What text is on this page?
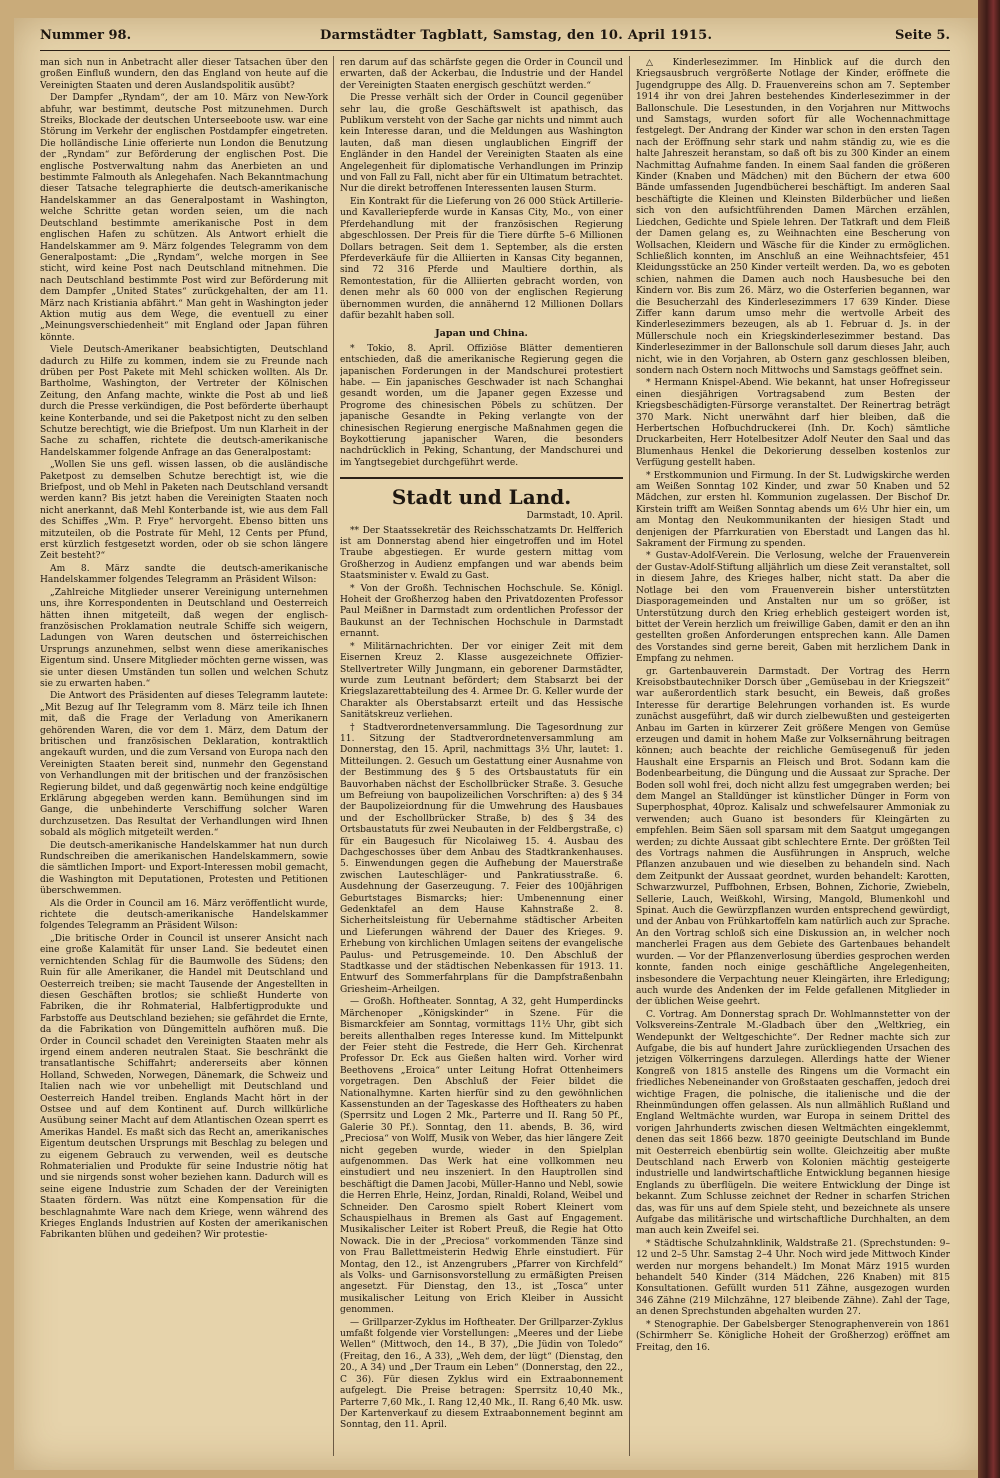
Nummer 98.	Darmstädter Tagblatt, Samstag, den 10. April 1915.	Seite 5.

man sich nun in Anbetracht aller dieser Tatsachen über den großen Einfluß wundern, den das England von heute auf die Vereinigten Staaten und deren Auslandspolitik ausübt?

Der Dampfer „Ryndam“, der am 10. März von New-York abfuhr, war bestimmt, deutsche Post mitzunehmen. Durch Streiks, Blockade der deutschen Unterseeboote usw. war eine Störung im Verkehr der englischen Postdampfer eingetreten. Die holländische Linie offerierte nun London die Benutzung der „Ryndam“ zur Beförderung der englischen Post. Die englische Postverwaltung nahm das Anerbieten an und bestimmte Falmouth als Anlegehafen. Nach Bekanntmachung dieser Tatsache telegraphierte die deutsch-amerikanische Handelskammer an das Generalpostamt in Washington, welche Schritte getan worden seien, um die nach Deutschland bestimmte amerikanische Post in dem englischen Hafen zu schützen. Als Antwort erhielt die Handelskammer am 9. März folgendes Telegramm von dem Generalpostamt: „Die „Ryndam“, welche morgen in See sticht, wird keine Post nach Deutschland mitnehmen. Die nach Deutschland bestimmte Post wird zur Beförderung mit dem Dampfer „United States“ zurückgehalten, der am 11. März nach Kristiania abfährt.“ Man geht in Washington jeder Aktion mutig aus dem Wege, die eventuell zu einer „Meinungsverschiedenheit“ mit England oder Japan führen könnte.

Viele Deutsch-Amerikaner beabsichtigten, Deutschland dadurch zu Hilfe zu kommen, indem sie zu Freunde nach drüben per Post Pakete mit Mehl schicken wollten. Als Dr. Bartholme, Washington, der Vertreter der Kölnischen Zeitung, den Anfang machte, winkte die Post ab und ließ durch die Presse verkündigen, die Post beförderte überhaupt keine Konterbande, und sei die Paketpost nicht zu den selben Schutze berechtigt, wie die Briefpost. Um nun Klarheit in der Sache zu schaffen, richtete die deutsch-amerikanische Handelskammer folgende Anfrage an das Generalpostamt:

„Wollen Sie uns gefl. wissen lassen, ob die ausländische Paketpost zu demselben Schutze berechtigt ist, wie die Briefpost, und ob Mehl in Paketen nach Deutschland versandt werden kann? Bis jetzt haben die Vereinigten Staaten noch nicht anerkannt, daß Mehl Konterbande ist, wie aus dem Fall des Schiffes „Wm. P. Frye“ hervorgeht. Ebenso bitten uns mitzuteilen, ob die Postrate für Mehl, 12 Cents per Pfund, erst kürzlich festgesetzt worden, oder ob sie schon längere Zeit besteht?“

Am 8. März sandte die deutsch-amerikanische Handelskammer folgendes Telegramm an Präsident Wilson:

„Zahlreiche Mitglieder unserer Vereinigung unternehmen uns, ihre Korrespondenten in Deutschland und Oesterreich hätten ihnen mitgeteilt, daß wegen der englisch-französischen Proklamation neutrale Schiffe sich weigern, Ladungen von Waren deutschen und österreichischen Ursprungs anzunehmen, selbst wenn diese amerikanisches Eigentum sind. Unsere Mitglieder möchten gerne wissen, was sie unter diesen Umständen tun sollen und welchen Schutz sie zu erwarten haben.“

Die Antwort des Präsidenten auf dieses Telegramm lautete: „Mit Bezug auf Ihr Telegramm vom 8. März teile ich Ihnen mit, daß die Frage der Verladung von Amerikanern gehörenden Waren, die vor dem 1. März, dem Datum der britischen und französischen Deklaration, kontraktlich angekauft wurden, und die zum Versand von Europa nach den Vereinigten Staaten bereit sind, nunmehr den Gegenstand von Verhandlungen mit der britischen und der französischen Regierung bildet, und daß gegenwärtig noch keine endgültige Erklärung abgegeben werden kann. Bemühungen sind im Gange, die unbehinderte Verschiffung solcher Waren durchzusetzen. Das Resultat der Verhandlungen wird Ihnen sobald als möglich mitgeteilt werden.“

Die deutsch-amerikanische Handelskammer hat nun durch Rundschreiben die amerikanischen Handelskammern, sowie die sämtlichen Import- und Export-Interessen mobil gemacht, die Washington mit Deputationen, Protesten und Petitionen überschwemmen.

Als die Order in Council am 16. März veröffentlicht wurde, richtete die deutsch-amerikanische Handelskammer folgendes Telegramm an Präsident Wilson:

„Die britische Order in Council ist unserer Ansicht nach eine große Kalamität für unser Land. Sie bedeutet einen vernichtenden Schlag für die Baumwolle des Südens; den Ruin für alle Amerikaner, die Handel mit Deutschland und Oesterreich treiben; sie macht Tausende der Angestellten in diesen Geschäften brotlos; sie schließt Hunderte von Fabriken, die ihr Rohmaterial, Halbfertigprodukte und Farbstoffe aus Deutschland beziehen; sie gefährdet die Ernte, da die Fabrikation von Düngemitteln aufhören muß. Die Order in Council schadet den Vereinigten Staaten mehr als irgend einem anderen neutralen Staat. Sie beschränkt die transatlantische Schiffahrt; andererseits aber können Holland, Schweden, Norwegen, Dänemark, die Schweiz und Italien nach wie vor unbehelligt mit Deutschland und Oesterreich Handel treiben. Englands Macht hört in der Ostsee und auf dem Kontinent auf. Durch willkürliche Ausübung seiner Macht auf dem Atlantischen Ozean sperrt es Amerikas Handel. Es maßt sich das Recht an, amerikanisches Eigentum deutschen Ursprungs mit Beschlag zu belegen und zu eigenem Gebrauch zu verwenden, weil es deutsche Rohmaterialien und Produkte für seine Industrie nötig hat und sie nirgends sonst woher beziehen kann. Dadurch will es seine eigene Industrie zum Schaden der der Vereinigten Staaten fördern. Was nützt eine Kompensation für die beschlagnahmte Ware nach dem Kriege, wenn während des Krieges Englands Industrien auf Kosten der amerikanischen Fabrikanten blühen und gedeihen? Wir protestie-

ren darum auf das schärfste gegen die Order in Council und erwarten, daß der Ackerbau, die Industrie und der Handel der Vereinigten Staaten energisch geschützt werden.“

Die Presse verhält sich der Order in Council gegenüber sehr lau, die große Geschäftswelt ist apathisch, das Publikum versteht von der Sache gar nichts und nimmt auch kein Interesse daran, und die Meldungen aus Washington lauten, daß man diesen unglaublichen Eingriff der Engländer in den Handel der Vereinigten Staaten als eine Angelegenheit für diplomatische Verhandlungen im Prinzip und von Fall zu Fall, nicht aber für ein Ultimatum betrachtet. Nur die direkt betroffenen Interessenten lausen Sturm.

Ein Kontrakt für die Lieferung von 26 000 Stück Artillerie- und Kavalleriepferde wurde in Kansas City, Mo., von einer Pferdehandlung mit der französischen Regierung abgeschlossen. Der Preis für die Tiere dürfte 5–6 Millionen Dollars betragen. Seit dem 1. September, als die ersten Pferdeverkäufe für die Alliierten in Kansas City begannen, sind 72 316 Pferde und Maultiere dorthin, als Remontestation, für die Alliierten gebracht worden, von denen mehr als 60 000 von der englischen Regierung übernommen wurden, die annähernd 12 Millionen Dollars dafür bezahlt haben soll.

Japan und China.

* Tokio, 8. April. Offiziöse Blätter dementieren entschieden, daß die amerikanische Regierung gegen die japanischen Forderungen in der Mandschurei protestiert habe. — Ein japanisches Geschwader ist nach Schanghai gesandt worden, um die Japaner gegen Exzesse und Progrome des chinesischen Pöbels zu schützen. Der japanische Gesandte in Peking verlangte von der chinesischen Regierung energische Maßnahmen gegen die Boykottierung japanischer Waren, die besonders nachdrücklich in Peking, Schantung, der Mandschurei und im Yangtsegebiet durchgeführt werde.

Stadt und Land.
Darmstadt, 10. April.

** Der Staatssekretär des Reichsschatzamts Dr. Helfferich ist am Donnerstag abend hier eingetroffen und im Hotel Traube abgestiegen. Er wurde gestern mittag vom Großherzog in Audienz empfangen und war abends beim Staatsminister v. Ewald zu Gast.

* Von der Großh. Technischen Hochschule. Se. Königl. Hoheit der Großherzog haben den Privatdozenten Professor Paul Meißner in Darmstadt zum ordentlichen Professor der Baukunst an der Technischen Hochschule in Darmstadt ernannt.

* Militärnachrichten. Der vor einiger Zeit mit dem Eisernen Kreuz 2. Klasse ausgezeichnete Offizier-Stellvertreter Willy Jungmann, ein geborener Darmstädter, wurde zum Leutnant befördert; dem Stabsarzt bei der Kriegslazarettabteilung des 4. Armee Dr. G. Keller wurde der Charakter als Oberstabsarzt erteilt und das Hessische Sanitätskreuz verliehen.

† Stadtverordnetenversammlung. Die Tagesordnung zur 11. Sitzung der Stadtverordnetenversammlung am Donnerstag, den 15. April, nachmittags 3½ Uhr, lautet: 1. Mitteilungen. 2. Gesuch um Gestattung einer Ausnahme von der Bestimmung des § 5 des Ortsbaustatuts für ein Bauvorhaben nächst der Eschollbrücker Straße. 3. Gesuche um Befreiung von baupolizeilichen Vorschriften: a) des § 34 der Baupolizeiordnung für die Umwehrung des Hausbaues und der Eschollbrücker Straße, b) des § 34 des Ortsbaustatuts für zwei Neubauten in der Feldbergstraße, c) für ein Baugesuch für Nicolaiweg 15. 4. Ausbau des Dachgeschosses über dem Anbau des Stadtkrankenhauses. 5. Einwendungen gegen die Aufhebung der Mauerstraße zwischen Lauteschläger- und Pankratiusstraße. 6. Ausdehnung der Gaserzeugung. 7. Feier des 100jährigen Geburtstages Bismarcks; hier: Umbenennung einer Gedenktafel an dem Hause Kahnstraße 2. 8. Sicherheitsleistung für Uebernahme städtischer Arbeiten und Lieferungen während der Dauer des Krieges. 9. Erhebung von kirchlichen Umlagen seitens der evangelische Paulus- und Petrusgemeinde. 10. Den Abschluß der Stadtkasse und der städtischen Nebenkassen für 1913. 11. Entwurf des Sommerfahrplans für die Dampfstraßenbahn Griesheim–Arheilgen.

— Großh. Hoftheater. Sonntag, A 32, geht Humperdincks Märchenoper „Königskinder“ in Szene. Für die Bismarckfeier am Sonntag, vormittags 11½ Uhr, gibt sich bereits allenthalben reges Interesse kund. Im Mittelpunkt der Feier steht die Festrede, die Herr Geh. Kirchenrat Professor Dr. Eck aus Gießen halten wird. Vorher wird Beethovens „Eroica“ unter Leitung Hofrat Ottenheimers vorgetragen. Den Abschluß der Feier bildet die Nationalhymne. Karten hierfür sind zu den gewöhnlichen Kassenstunden an der Tageskasse des Hoftheaters zu haben (Sperrsitz und Logen 2 Mk., Parterre und II. Rang 50 Pf., Galerie 30 Pf.). Sonntag, den 11. abends, B. 36, wird „Preciosa“ von Wolff, Musik von Weber, das hier längere Zeit nicht gegeben wurde, wieder in den Spielplan aufgenommen. Das Werk hat eine vollkommen neu einstudiert und neu inszeniert. In den Hauptrollen sind beschäftigt die Damen Jacobi, Müller-Hanno und Nebl, sowie die Herren Ehrle, Heinz, Jordan, Rinaldi, Roland, Weibel und Schneider. Den Carosmo spielt Robert Kleinert vom Schauspielhaus in Bremen als Gast auf Engagement. Musikalischer Leiter ist Robert Preuß, die Regie hat Otto Nowack. Die in der „Preciosa“ vorkommenden Tänze sind von Frau Ballettmeisterin Hedwig Ehrle einstudiert. Für Montag, den 12., ist Anzengrubers „Pfarrer von Kirchfeld“ als Volks- und Garnisonsvorstellung zu ermäßigten Preisen angesetzt. Für Dienstag, den 13., ist „Tosca“ unter musikalischer Leitung von Erich Kleiber in Aussicht genommen.

— Grillparzer-Zyklus im Hoftheater. Der Grillparzer-Zyklus umfaßt folgende vier Vorstellungen: „Meeres und der Liebe Wellen“ (Mittwoch, den 14., B 37), „Die Jüdin von Toledo“ (Freitag, den 16., A 33), „Weh dem, der lügt“ (Dienstag, den 20., A 34) und „Der Traum ein Leben“ (Donnerstag, den 22., C 36). Für diesen Zyklus wird ein Extraabonnement aufgelegt. Die Preise betragen: Sperrsitz 10,40 Mk., Parterre 7,60 Mk., I. Rang 12,40 Mk., II. Rang 6,40 Mk. usw. Der Kartenverkauf zu diesem Extraabonnement beginnt am Sonntag, den 11. April.

△ Kinderlesezimmer. Im Hinblick auf die durch den Kriegsausbruch vergrößerte Notlage der Kinder, eröffnete die Jugendgruppe des Allg. D. Frauenvereins schon am 7. September 1914 ihr von drei Jahren bestehendes Kinderlesezimmer in der Ballonschule. Die Lesestunden, in den Vorjahren nur Mittwochs und Samstags, wurden sofort für alle Wochennachmittage festgelegt. Der Andrang der Kinder war schon in den ersten Tagen nach der Eröffnung sehr stark und nahm ständig zu, wie es die halte Jahreszeit heranstam, so daß oft bis zu 300 Kinder an einem Nachmittag Aufnahme fanden. In einem Saal fanden die größeren Kinder (Knaben und Mädchen) mit den Büchern der etwa 600 Bände umfassenden Jugendbücherei beschäftigt. Im anderen Saal beschäftigte die Kleinen und Kleinsten Bilderbücher und ließen sich von den aufsichtführenden Damen Märchen erzählen, Liedchen, Gedichte und Spiele lehren. Der Tatkraft und dem Fleiß der Damen gelang es, zu Weihnachten eine Bescherung von Wollsachen, Kleidern und Wäsche für die Kinder zu ermöglichen. Schließlich konnten, im Anschluß an eine Weihnachtsfeier, 451 Kleidungsstücke an 250 Kinder verteilt werden. Da, wo es geboten schien, nahmen die Damen auch noch Hausbesuche bei den Kindern vor. Bis zum 26. März, wo die Osterferien begannen, war die Besucherzahl des Kinderlesezimmers 17 639 Kinder. Diese Ziffer kann darum umso mehr die wertvolle Arbeit des Kinderlesezimmers bezeugen, als ab 1. Februar d. Js. in der Müllerschule noch ein Kriegskinderlesezimmer bestand. Das Kinderlesezimmer in der Ballonschule soll darum dieses Jahr, auch nicht, wie in den Vorjahren, ab Ostern ganz geschlossen bleiben, sondern nach Ostern noch Mittwochs und Samstags geöffnet sein.

* Hermann Knispel-Abend. Wie bekannt, hat unser Hofregisseur einen diesjährigen Vortragsabend zum Besten der Kriegsbeschädigten-Fürsorge veranstaltet. Der Reinertrag beträgt 370 Mark. Nicht unerwähnt darf hier bleiben, daß die Herbertschen Hofbuchdruckerei (Inh. Dr. Koch) sämtliche Druckarbeiten, Herr Hotelbesitzer Adolf Neuter den Saal und das Blumenhaus Henkel die Dekorierung desselben kostenlos zur Verfügung gestellt haben.

* Erstkommunion und Firmung. In der St. Ludwigskirche werden am Weißen Sonntag 102 Kinder, und zwar 50 Knaben und 52 Mädchen, zur ersten hl. Kommunion zugelassen. Der Bischof Dr. Kirstein trifft am Weißen Sonntag abends um 6½ Uhr hier ein, um am Montag den Neukommunikanten der hiesigen Stadt und denjenigen der Pfarrkuratien von Eberstadt und Langen das hl. Sakrament der Firmung zu spenden.

* Gustav-Adolf-Verein. Die Verlosung, welche der Frauenverein der Gustav-Adolf-Stiftung alljährlich um diese Zeit veranstaltet, soll in diesem Jahre, des Krieges halber, nicht statt. Da aber die Notlage bei den vom Frauenverein bisher unterstützten Diasporagemeinden und Anstalten nur um so größer, ist Unterstützung durch den Krieg erheblich gesteigert worden ist, bittet der Verein herzlich um freiwillige Gaben, damit er den an ihn gestellten großen Anforderungen entsprechen kann. Alle Damen des Vorstandes sind gerne bereit, Gaben mit herzlichem Dank in Empfang zu nehmen.

gr. Gartenbauverein Darmstadt. Der Vortrag des Herrn Kreisobstbautechniker Dorsch über „Gemüsebau in der Kriegszeit“ war außerordentlich stark besucht, ein Beweis, daß großes Interesse für derartige Belehrungen vorhanden ist. Es wurde zunächst ausgeführt, daß wir durch zielbewußten und gesteigerten Anbau im Garten in kürzerer Zeit größere Mengen von Gemüse erzeugen und damit in hohem Maße zur Volksernährung beitragen können; auch beachte der reichliche Gemüsegenuß für jeden Haushalt eine Ersparnis an Fleisch und Brot. Sodann kam die Bodenbearbeitung, die Düngung und die Aussaat zur Sprache. Der Boden soll wohl frei, doch nicht allzu fest umgegraben werden; bei dem Mangel an Stalldünger ist künstlicher Dünger in Form von Superphosphat, 40proz. Kalisalz und schwefelsaurer Ammoniak zu verwenden; auch Guano ist besonders für Kleingärten zu empfehlen. Beim Säen soll sparsam mit dem Saatgut umgegangen werden; zu dichte Aussaat gibt schlechtere Ernte. Der größten Teil des Vortrags nahmen die Ausführungen in Anspruch, welche Pflanzen anzubauen und wie dieselben zu behandeln sind. Nach dem Zeitpunkt der Aussaat geordnet, wurden behandelt: Karotten, Schwarzwurzel, Puffbohnen, Erbsen, Bohnen, Zichorie, Zwiebeln, Sellerie, Lauch, Weißkohl, Wirsing, Mangold, Blumenkohl und Spinat. Auch die Gewürzpflanzen wurden entsprechend gewürdigt, und der Anbau von Frühkartoffeln kam natürlich auch zur Sprache. An den Vortrag schloß sich eine Diskussion an, in welcher noch mancherlei Fragen aus dem Gebiete des Gartenbaues behandelt wurden. — Vor der Pflanzenverlosung überdies gesprochen werden konnte, fanden noch einige geschäftliche Angelegenheiten, insbesondere die Verpachtung neuer Kleingärten, ihre Erledigung; auch wurde des Andenken der im Felde gefallenen Mitglieder in der üblichen Weise geehrt.

C. Vortrag. Am Donnerstag sprach Dr. Wohlmannstetter von der Volksvereins-Zentrale M.-Gladbach über den „Weltkrieg, ein Wendepunkt der Weltgeschichte“. Der Redner machte sich zur Aufgabe, die bis auf hundert Jahre zurückliegenden Ursachen des jetzigen Völkerringens darzulegen. Allerdings hatte der Wiener Kongreß von 1815 anstelle des Ringens um die Vormacht ein friedliches Nebeneinander von Großstaaten geschaffen, jedoch drei wichtige Fragen, die polnische, die italienische und die der Rheinmündungen offen gelassen. Als nun allmählich Rußland und England Weltmächte wurden, war Europa in seinem Drittel des vorigen Jahrhunderts zwischen diesen Weltmächten eingeklemmt, denen das seit 1866 bezw. 1870 geeinigte Deutschland im Bunde mit Oesterreich ebenbürtig sein wollte. Gleichzeitig aber mußte Deutschland nach Erwerb von Kolonien mächtig gesteigerte industrielle und landwirtschaftliche Entwicklung begannen hiesige Englands zu überflügeln. Die weitere Entwicklung der Dinge ist bekannt. Zum Schlusse zeichnet der Redner in scharfen Strichen das, was für uns auf dem Spiele steht, und bezeichnete als unsere Aufgabe das militärische und wirtschaftliche Durchhalten, an dem man auch kein Zweifel sei.

* Städtische Schulzahnklinik, Waldstraße 21. (Sprechstunden: 9–12 und 2–5 Uhr. Samstag 2–4 Uhr. Noch wird jede Mittwoch Kinder werden nur morgens behandelt.) Im Monat März 1915 wurden behandelt 540 Kinder (314 Mädchen, 226 Knaben) mit 815 Konsultationen. Gefüllt wurden 511 Zähne, ausgezogen wurden 346 Zähne (219 Milchzähne, 127 bleibende Zähne). Zahl der Tage, an denen Sprechstunden abgehalten wurden 27.

* Stenographie. Der Gabelsberger Stenographenverein von 1861 (Schirmherr Se. Königliche Hoheit der Großherzog) eröffnet am Freitag, den 16.
